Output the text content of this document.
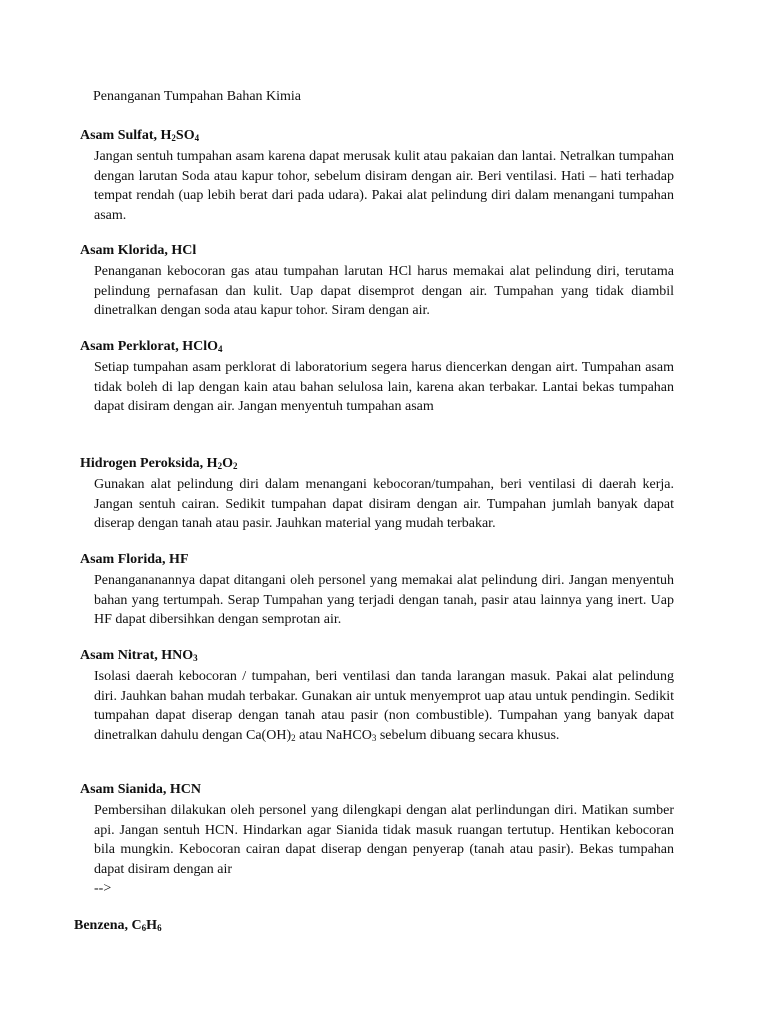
Penanganan Tumpahan Bahan Kimia
Asam Sulfat, $H_2SO_4$

Jangan sentuh tumpahan asam karena dapat merusak kulit atau pakaian dan lantai. Netralkan tumpahan dengan larutan Soda atau kapur tohor, sebelum disiram dengan air. Beri ventilasi. Hati – hati terhadap tempat rendah (uap lebih berat dari pada udara). Pakai alat pelindung diri dalam menangani tumpahan asam.

Asam Klorida, HCl

Penanganan kebocoran gas atau tumpahan larutan HCl harus memakai alat pelindung diri, terutama pelindung pernafasan dan kulit. Uap dapat disemprot dengan air. Tumpahan yang tidak diambil dinetralkan dengan soda atau kapur tohor. Siram dengan air.

Asam Perklorat, HClO$_4$

Setiap tumpahan asam perklorat di laboratorium segera harus diencerkan dengan airt. Tumpahan asam tidak boleh di lap dengan kain atau bahan selulosa lain, karena akan terbakar. Lantai bekas tumpahan dapat disiram dengan air. Jangan menyentuh tumpahan asam

Hidrogen Peroksida, $H_2O_2$

Gunakan alat pelindung diri dalam menangani kebocoran/tumpahan, beri ventilasi di daerah kerja. Jangan sentuh cairan. Sedikit tumpahan dapat disiram dengan air. Tumpahan jumlah banyak dapat diserap dengan tanah atau pasir. Jauhkan material yang mudah terbakar.

Asam Florida, HF

Penangananannya dapat ditangani oleh personel yang memakai alat pelindung diri. Jangan menyentuh bahan yang tertumpah. Serap Tumpahan yang terjadi dengan tanah, pasir atau lainnya yang inert. Uap HF dapat dibersihkan dengan semprotan air.

Asam Nitrat, $HNO_3$

Isolasi daerah kebocoran / tumpahan, beri ventilasi dan tanda larangan masuk. Pakai alat pelindung diri. Jauhkan bahan mudah terbakar. Gunakan air untuk menyemprot uap atau untuk pendingin. Sedikit tumpahan dapat diserap dengan tanah atau pasir (non combustible). Tumpahan yang banyak dapat dinetralkan dahulu dengan $Ca(OH)_2$ atau NaHCO$_3$ sebelum dibuang secara khusus.

Asam Sianida, HCN

Pembersihan dilakukan oleh personel yang dilengkapi dengan alat perlindungan diri. Matikan sumber api. Jangan sentuh HCN. Hindarkan agar Sianida tidak masuk ruangan tertutup. Hentikan kebocoran bila mungkin. Kebocoran cairan dapat diserap dengan penyerap (tanah atau pasir). Bekas tumpahan dapat disiram dengan air

-->
Benzena, $C_6H_6$
